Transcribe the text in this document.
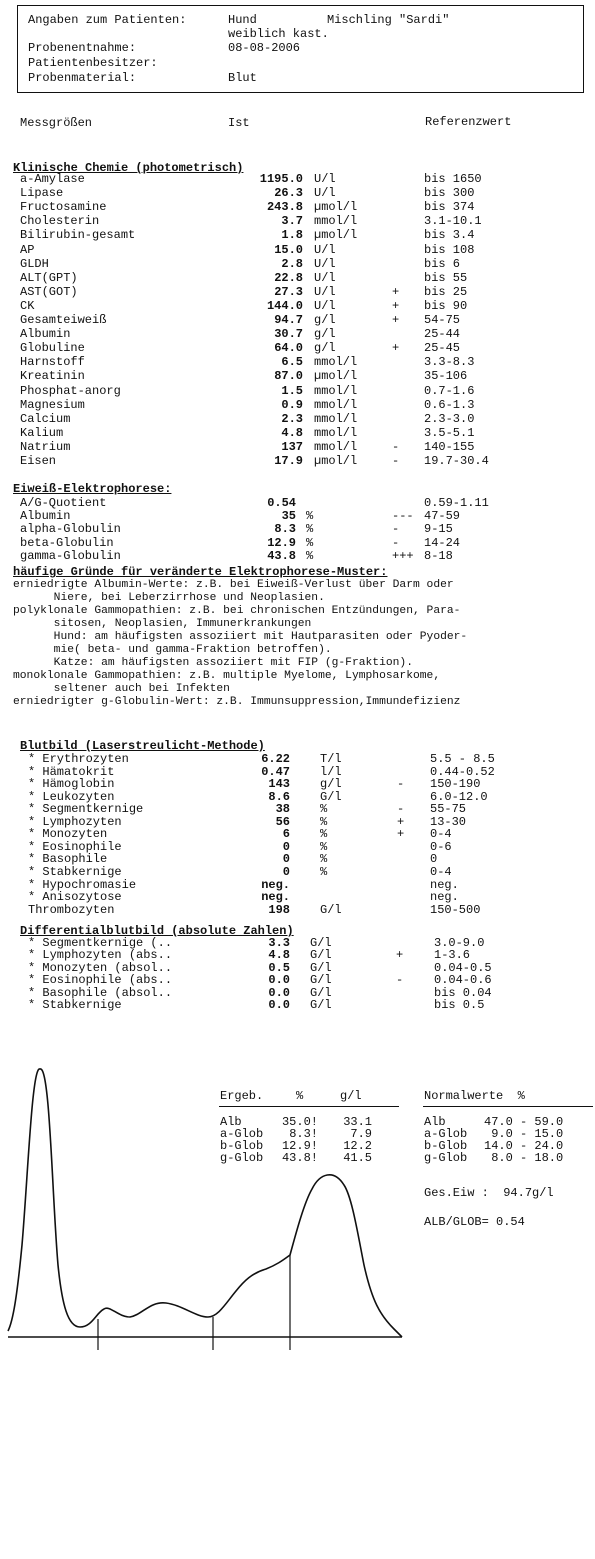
Angaben zum Patienten:	Hund	Mischling "Sardi"
weiblich kast.
Probenentnahme:	08-08-2006
Patientenbesitzer:
Probenmaterial:	Blut
Messgrößen	Ist	Referenzwert
Klinische Chemie (photometrisch)
a-Amylase	1195.0 U/l	bis 1650
Lipase	26.3 U/l	bis 300
Fructosamine	243.8 µmol/l	bis 374
Cholesterin	3.7 mmol/l	3.1-10.1
Bilirubin-gesamt	1.8 µmol/l	bis 3.4
AP	15.0 U/l	bis 108
GLDH	2.8 U/l	bis 6
ALT(GPT)	22.8 U/l	bis 55
AST(GOT)	27.3 U/l	+ bis 25
CK	144.0 U/l	+ bis 90
Gesamteiweiß	94.7 g/l	+ 54-75
Albumin	30.7 g/l	25-44
Globuline	64.0 g/l	+ 25-45
Harnstoff	6.5 mmol/l	3.3-8.3
Kreatinin	87.0 µmol/l	35-106
Phosphat-anorg	1.5 mmol/l	0.7-1.6
Magnesium	0.9 mmol/l	0.6-1.3
Calcium	2.3 mmol/l	2.3-3.0
Kalium	4.8 mmol/l	3.5-5.1
Natrium	137 mmol/l	- 140-155
Eisen	17.9 µmol/l	- 19.7-30.4
Eiweiß-Elektrophorese:
A/G-Quotient	0.54	0.59-1.11
Albumin	35 %	--- 47-59
alpha-Globulin	8.3 %	- 9-15
beta-Globulin	12.9 %	- 14-24
gamma-Globulin	43.8 %	+++ 8-18
häufige Gründe für veränderte Elektrophorese-Muster:
erniedrigte Albumin-Werte: z.B. bei Eiweiß-Verlust über Darm oder
Niere, bei Leberzirrhose und Neoplasien.
polyklonale Gammopathien: z.B. bei chronischen Entzündungen, Para-
sitosen, Neoplasien, Immunerkrankungen
Hund: am häufigsten assoziiert mit Hautparasiten oder Pyoder-
mie( beta- und gamma-Fraktion betroffen).
Katze: am häufigsten assoziiert mit FIP (g-Fraktion).
monoklonale Gammopathien: z.B. multiple Myelome, Lymphosarkome,
seltener auch bei Infekten
erniedrigter g-Globulin-Wert: z.B. Immunsuppression,Immundefizienz
Blutbild (Laserstreulicht-Methode)
* Erythrozyten	6.22	T/l	5.5 - 8.5
* Hämatokrit	0.47	l/l	0.44-0.52
* Hämoglobin	143	g/l	- 150-190
* Leukozyten	8.6	G/l	6.0-12.0
* Segmentkernige	38	%	- 55-75
* Lymphozyten	56	%	+ 13-30
* Monozyten	6	%	+ 0-4
* Eosinophile	0	%	0-6
* Basophile	0	%	0
* Stabkernige	0	%	0-4
* Hypochromasie	neg.	neg.
* Anisozytose	neg.	neg.
Thrombozyten	198	G/l	150-500
Differentialblutbild (absolute Zahlen)
* Segmentkernige (..	3.3 G/l	3.0-9.0
* Lymphozyten (abs..	4.8 G/l	+	1-3.6
* Monozyten (absol..	0.5 G/l	0.04-0.5
* Eosinophile (abs..	0.0 G/l	-	0.04-0.6
* Basophile (absol..	0.0 G/l	bis 0.04
* Stabkernige	0.0 G/l	bis 0.5
Ergeb.	%	g/l
Alb	35.0!	33.1
a-Glob	8.3!	7.9
b-Glob	12.9!	12.2
g-Glob	43.8!	41.5
Normalwerte  %
Alb	47.0 - 59.0
a-Glob 9.0 - 15.0
b-Glob 14.0 - 24.0
g-Glob 8.0 - 18.0
Ges.Eiw :  94.7g/l
ALB/GLOB= 0.54
